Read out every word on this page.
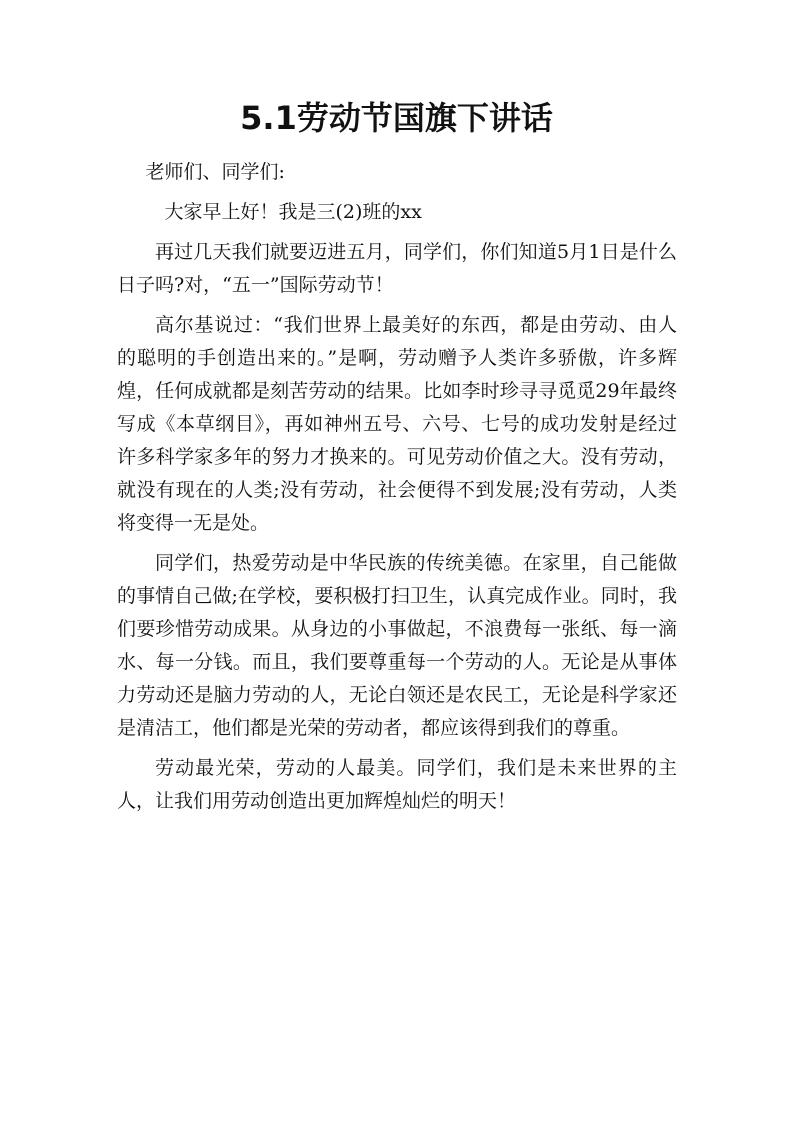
5.1劳动节国旗下讲话

老师们、同学们:

大家早上好！我是三(2)班的xx

再过几天我们就要迈进五月，同学们，你们知道5月1日是什么日子吗?对，“五一”国际劳动节！

高尔基说过：“我们世界上最美好的东西，都是由劳动、由人的聪明的手创造出来的。”是啊，劳动赠予人类许多骄傲，许多辉煌，任何成就都是刻苦劳动的结果。比如李时珍寻寻觅觅29年最终写成《本草纲目》，再如神州五号、六号、七号的成功发射是经过许多科学家多年的努力才换来的。可见劳动价值之大。没有劳动，就没有现在的人类;没有劳动，社会便得不到发展;没有劳动，人类将变得一无是处。

同学们，热爱劳动是中华民族的传统美德。在家里，自己能做的事情自己做;在学校，要积极打扫卫生，认真完成作业。同时，我们要珍惜劳动成果。从身边的小事做起，不浪费每一张纸、每一滴水、每一分钱。而且，我们要尊重每一个劳动的人。无论是从事体力劳动还是脑力劳动的人，无论白领还是农民工，无论是科学家还是清洁工，他们都是光荣的劳动者，都应该得到我们的尊重。

劳动最光荣，劳动的人最美。同学们，我们是未来世界的主人，让我们用劳动创造出更加辉煌灿烂的明天！
